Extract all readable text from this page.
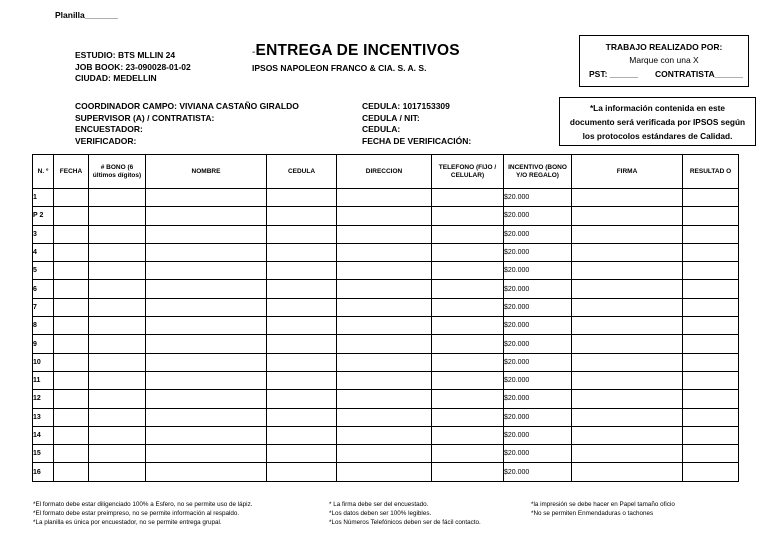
Planilla_______
ESTUDIO: BTS MLLIN 24
JOB BOOK: 23-090028-01-02
CIUDAD: MEDELLIN
-ENTREGA DE INCENTIVOS
IPSOS NAPOLEON FRANCO & CIA. S. A. S.
TRABAJO REALIZADO POR:
Marque con una X
PST: ______ CONTRATISTA______
COORDINADOR CAMPO: VIVIANA CASTAÑO GIRALDO
SUPERVISOR (A) / CONTRATISTA:
ENCUESTADOR:
VERIFICADOR:
CEDULA: 1017153309
CEDULA / NIT:
CEDULA:
FECHA DE VERIFICACIÓN:
*La información contenida en este
documento será verificada por IPSOS según
los protocolos estándares de Calidad.
N. º	FECHA	# BONO (6 últimos dígitos)	NOMBRE	CEDULA	DIRECCION	TELEFONO (FIJO / CELULAR)	INCENTIVO (BONO Y/O REGALO)	FIRMA	RESULTAD O
1							$20.000		
P 2							$20.000		
3							$20.000		
4							$20.000		
5							$20.000		
6							$20.000		
7							$20.000		
8							$20.000		
9							$20.000		
10							$20.000		
11							$20.000		
12							$20.000		
13							$20.000		
14							$20.000		
15							$20.000		
16							$20.000		
*El formato debe estar diligenciado 100% a Esfero, no se permite uso de lápiz.
*El formato debe estar preimpreso, no se permite información al respaldo.
*La planilla es única por encuestador, no se permite entrega grupal.
* La firma debe ser del encuestado.
*Los datos deben ser 100% legibles.
*Los Números Telefónicos deben ser de fácil contacto.
*la impresión se debe hacer en Papel tamaño oficio
*No se permiten Enmendaduras o tachones
